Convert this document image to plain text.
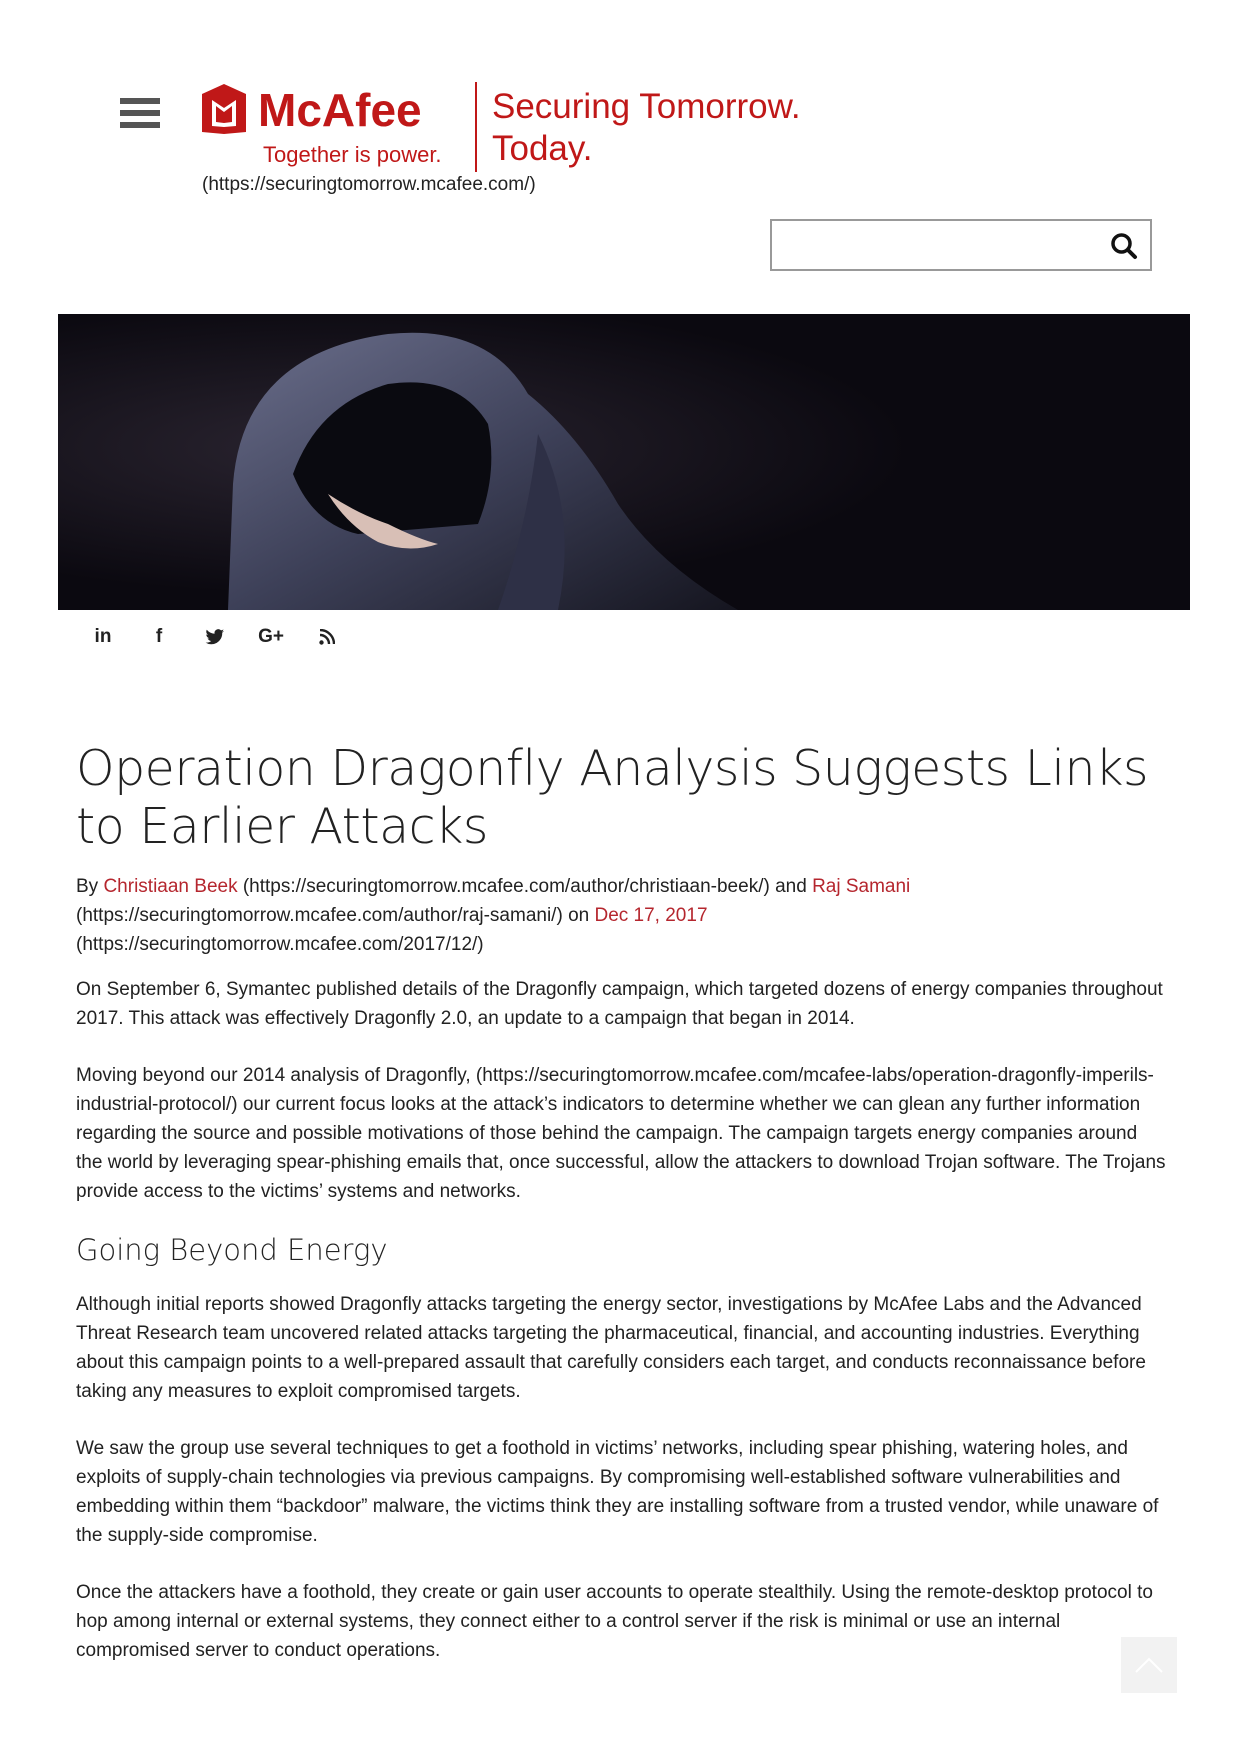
McAfee
Together is power.
Securing Tomorrow.
Today.
(https://securingtomorrow.mcafee.com/)
in	f	G+
Operation Dragonfly Analysis Suggests Links to Earlier Attacks
By Christiaan Beek (https://securingtomorrow.mcafee.com/author/christiaan-beek/) and Raj Samani (https://securingtomorrow.mcafee.com/author/raj-samani/) on Dec 17, 2017
(https://securingtomorrow.mcafee.com/2017/12/)

On September 6, Symantec published details of the Dragonfly campaign, which targeted dozens of energy companies throughout 2017. This attack was effectively Dragonfly 2.0, an update to a campaign that began in 2014.

Moving beyond our 2014 analysis of Dragonfly, (https://securingtomorrow.mcafee.com/mcafee-labs/operation-dragonfly-imperils-industrial-protocol/) our current focus looks at the attack’s indicators to determine whether we can glean any further information regarding the source and possible motivations of those behind the campaign. The campaign targets energy companies around the world by leveraging spear-phishing emails that, once successful, allow the attackers to download Trojan software. The Trojans provide access to the victims’ systems and networks.

Going Beyond Energy

Although initial reports showed Dragonfly attacks targeting the energy sector, investigations by McAfee Labs and the Advanced Threat Research team uncovered related attacks targeting the pharmaceutical, financial, and accounting industries. Everything about this campaign points to a well-prepared assault that carefully considers each target, and conducts reconnaissance before taking any measures to exploit compromised targets.

We saw the group use several techniques to get a foothold in victims’ networks, including spear phishing, watering holes, and exploits of supply-chain technologies via previous campaigns. By compromising well-established software vulnerabilities and embedding within them “backdoor” malware, the victims think they are installing software from a trusted vendor, while unaware of the supply-side compromise.

Once the attackers have a foothold, they create or gain user accounts to operate stealthily. Using the remote-desktop protocol to hop among internal or external systems, they connect either to a control server if the risk is minimal or use an internal compromised server to conduct operations.
